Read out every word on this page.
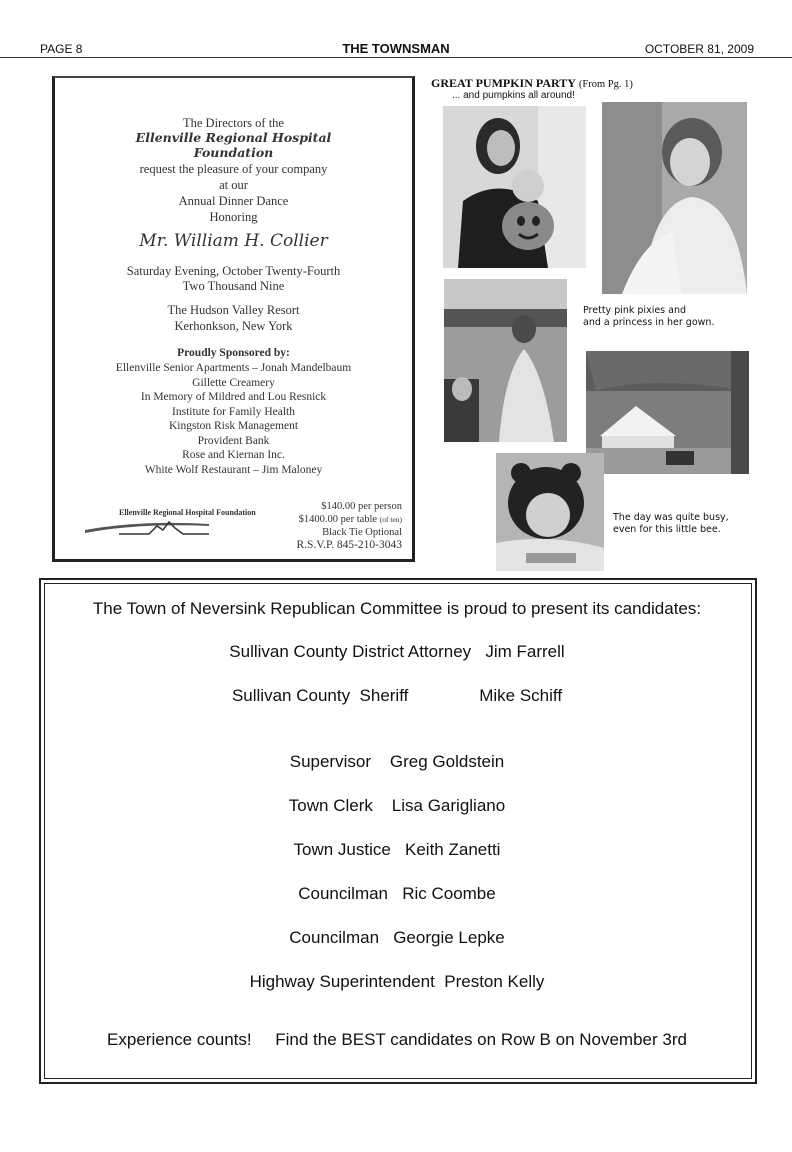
PAGE 8	THE TOWNSMAN	OCTOBER 81, 2009
The Directors of the
Ellenville Regional Hospital
Foundation
request the pleasure of your company
at our
Annual Dinner Dance
Honoring
Mr. William H. Collier
Saturday Evening, October Twenty-Fourth
Two Thousand Nine
The Hudson Valley Resort
Kerhonkson, New York
Proudly Sponsored by:
Ellenville Senior Apartments – Jonah Mandelbaum
Gillette Creamery
In Memory of Mildred and Lou Resnick
Institute for Family Health
Kingston Risk Management
Provident Bank
Rose and Kiernan Inc.
White Wolf Restaurant – Jim Maloney
Ellenville Regional Hospital Foundation
$140.00 per person
$1400.00 per table (of ten)
Black Tie Optional
R.S.V.P. 845-210-3043
GREAT PUMPKIN PARTY (From Pg. 1)
... and pumpkins all around!
Pretty pink pixies and
and a princess in her gown.
The day was quite busy,
even for this little bee.
The Town of Neversink Republican Committee is proud to present its candidates:
Sullivan County District Attorney Jim Farrell
Sullivan County  Sheriff	Mike Schiff
Supervisor Greg Goldstein
Town Clerk Lisa Garigliano
Town Justice Keith Zanetti
Councilman Ric Coombe
Councilman Georgie Lepke
Highway Superintendent Preston Kelly
Experience counts! Find the BEST candidates on Row B on November 3rd
